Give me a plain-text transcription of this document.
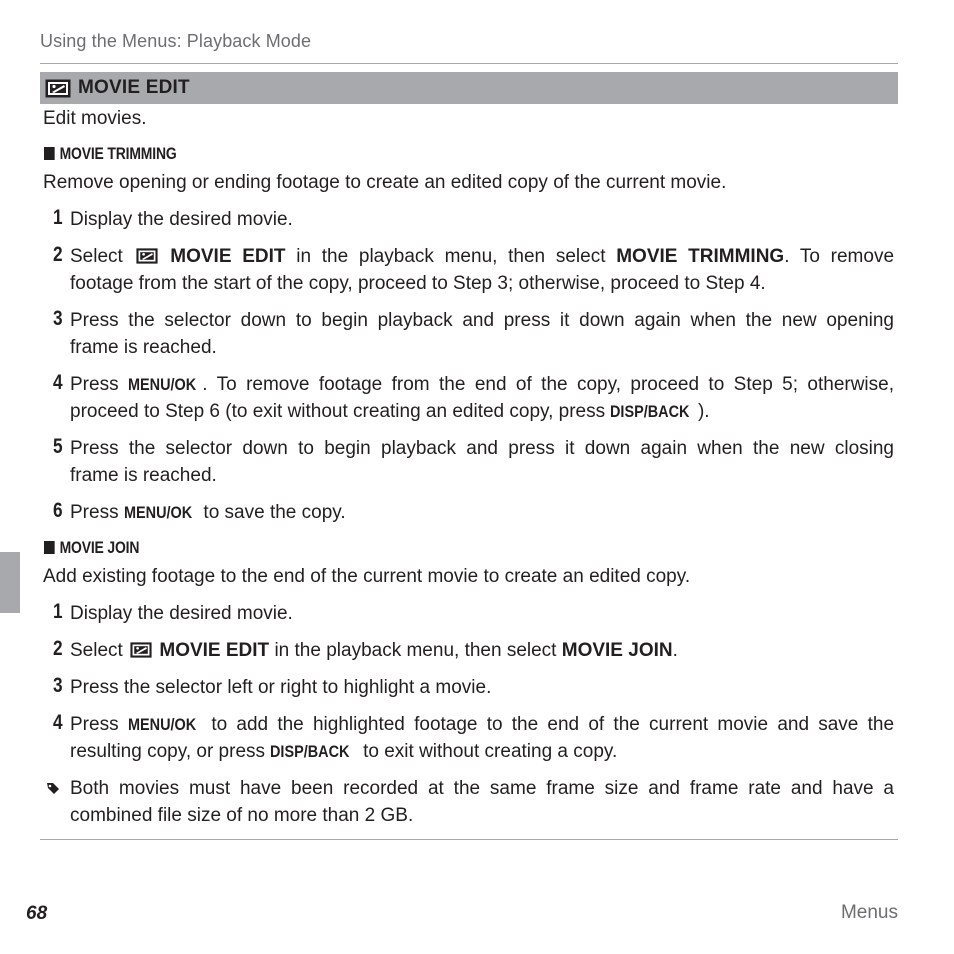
Using the Menus: Playback Mode
MOVIE EDIT
Edit movies.
MOVIE TRIMMING
Remove opening or ending footage to create an edited copy of the current movie.
1 Display the desired movie.
2 Select MOVIE EDIT in the playback menu, then select MOVIE TRIMMING. To remove
footage from the start of the copy, proceed to Step 3; otherwise, proceed to Step 4.
3 Press the selector down to begin playback and press it down again when the new opening
frame is reached.
4 Press MENU/OK . To remove footage from the end of the copy, proceed to Step 5; otherwise,
proceed to Step 6 (to exit without creating an edited copy, press DISP/BACK ).
5 Press the selector down to begin playback and press it down again when the new closing
frame is reached.
6 Press MENU/OK to save the copy.
MOVIE JOIN
Add existing footage to the end of the current movie to create an edited copy.
1 Display the desired movie.
2 Select MOVIE EDIT in the playback menu, then select MOVIE JOIN.
3 Press the selector left or right to highlight a movie.
4 Press MENU/OK to add the highlighted footage to the end of the current movie and save the
resulting copy, or press DISP/BACK to exit without creating a copy.
Both movies must have been recorded at the same frame size and frame rate and have a
combined file size of no more than 2 GB.
68	Menus
